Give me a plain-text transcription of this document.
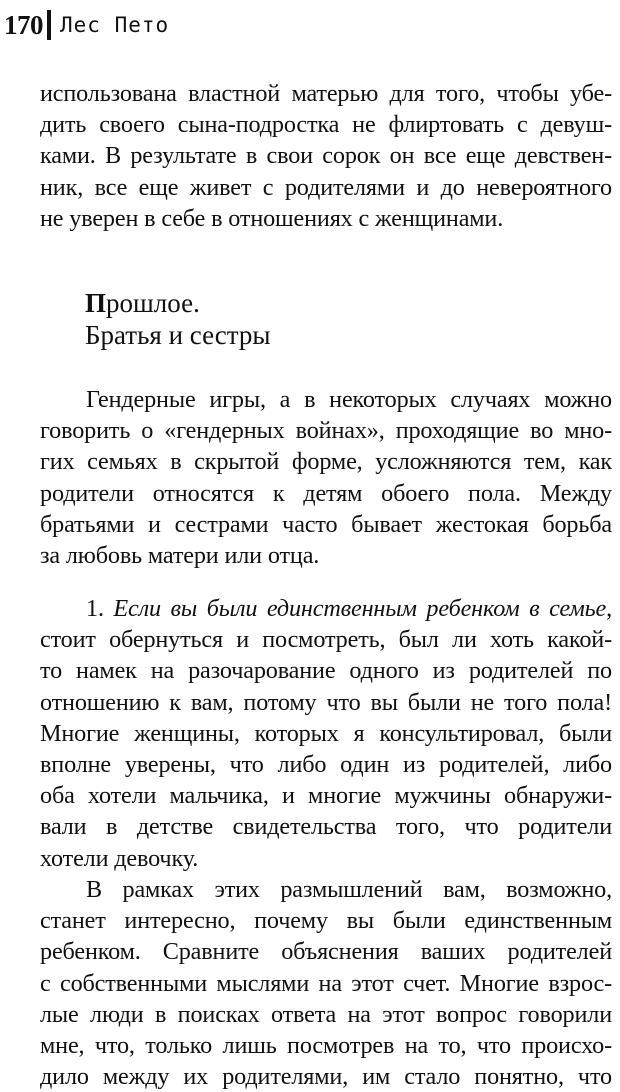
170 Лес Пето
использована властной матерью для того, чтобы убе-
дить своего сына-подростка не флиртовать с девуш-
ками. В результате в свои сорок он все еще девствен-
ник, все еще живет с родителями и до невероятного
не уверен в себе в отношениях с женщинами.
Прошлое.
Братья и сестры
Гендерные игры, а в некоторых случаях можно
говорить о «гендерных войнах», проходящие во мно-
гих семьях в скрытой форме, усложняются тем, как
родители относятся к детям обоего пола. Между
братьями и сестрами часто бывает жестокая борьба
за любовь матери или отца.
1. Если вы были единственным ребенком в семье,
стоит обернуться и посмотреть, был ли хоть какой-
то намек на разочарование одного из родителей по
отношению к вам, потому что вы были не того пола!
Многие женщины, которых я консультировал, были
вполне уверены, что либо один из родителей, либо
оба хотели мальчика, и многие мужчины обнаружи-
вали в детстве свидетельства того, что родители
хотели девочку.
В рамках этих размышлений вам, возможно,
станет интересно, почему вы были единственным
ребенком. Сравните объяснения ваших родителей
с собственными мыслями на этот счет. Многие взрос-
лые люди в поисках ответа на этот вопрос говорили
мне, что, только лишь посмотрев на то, что происхо-
дило между их родителями, им стало понятно, что
